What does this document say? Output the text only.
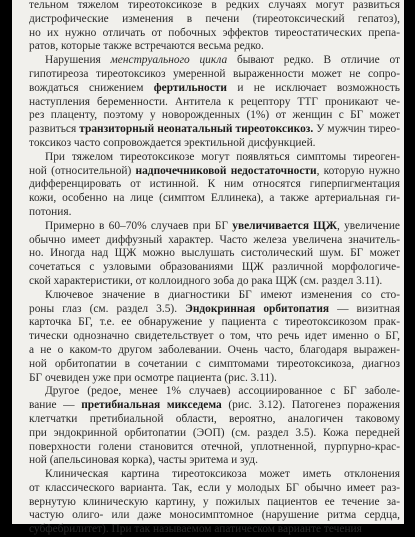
тельном тяжелом тиреотоксикозе в редких случаях могут развиться

дистрофические изменения в печени (тиреотоксический гепатоз),

но их нужно отличать от побочных эффектов тиреостатических препа-

ратов, которые также встречаются весьма редко.

Нарушения менструального цикла бывают редко. В отличие от

гипотиреоза тиреотоксикоз умеренной выраженности может не сопро-

вождаться снижением фертильности и не исключает возможность

наступления беременности. Антитела к рецептору ТТГ проникают че-

рез плаценту, поэтому у новорожденных (1%) от женщин с БГ может

развиться транзиторный неонатальный тиреотоксикоз. У мужчин тирео-

токсикоз часто сопровождается эректильной дисфункцией.

При тяжелом тиреотоксикозе могут появляться симптомы тиреоген-

ной (относительной) надпочечниковой недостаточности, которую нужно

дифференцировать от истинной. К ним относятся гиперпигментация

кожи, особенно на лице (симптом Еллинека), а также артериальная ги-

потония.

Примерно в 60–70% случаев при БГ увеличивается ЩЖ, увеличение

обычно имеет диффузный характер. Часто железа увеличена значитель-

но. Иногда над ЩЖ можно выслушать систолический шум. БГ может

сочетаться с узловыми образованиями ЩЖ различной морфологиче-

ской характеристики, от коллоидного зоба до рака ЩЖ (см. раздел 3.11).

Ключевое значение в диагностики БГ имеют изменения со сто-

роны глаз (см. раздел 3.5). Эндокринная орбитопатия — визитная

карточка БГ, т.е. ее обнаружение у пациента с тиреотоксикозом прак-

тически однозначно свидетельствует о том, что речь идет именно о БГ,

а не о каком-то другом заболевании. Очень часто, благодаря выражен-

ной орбитопатии в сочетании с симптомами тиреотоксикоза, диагноз

БГ очевиден уже при осмотре пациента (рис. 3.11).

Другое (редое, менее 1% случаев) ассоциированное с БГ заболе-

вание — претибиальная микседема (рис. 3.12). Патогенез поражения

клетчатки претибиальной области, вероятно, аналогичен таковому

при эндокринной орбитопатии (ЭОП) (см. раздел 3.5). Кожа передней

поверхности голени становится отечной, уплотненной, пурпурно-крас-

ной (апельсиновая корка), часты эритема и зуд.

Клиническая картина тиреотоксикоза может иметь отклонения

от классического варианта. Так, если у молодых БГ обычно имеет раз-

вернутую клиническую картину, у пожилых пациентов ее течение за-

частую олиго- или даже моносимптомное (нарушение ритма сердца,

субфебрилитет). При так называемом апатическом варианте течения
